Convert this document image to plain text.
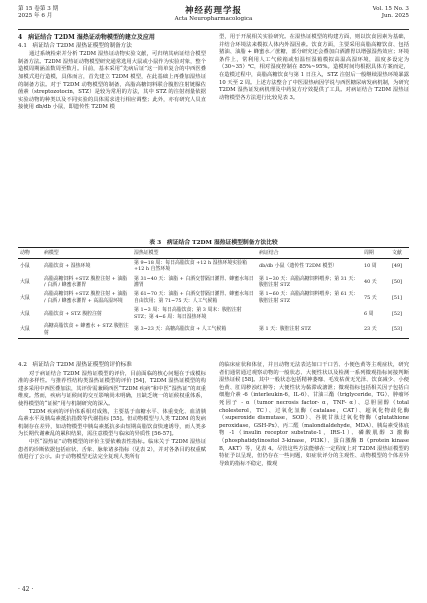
第 15 卷第 3 期
2025 年 6 月	神经药理学报
Acta Neuropharmacologica
Vol. 15 No. 3
Jun. 2025
4　病证结合 T2DM 湿热证动物模型的建立及应用
4.1　病证结合 T2DM 湿热证模型的制备方法

通过系统检索并分析 T2DM 湿热证动物实验文献，可归纳其病证结合模型制备方法。T2DM 湿热证动物模型研究通常选用大鼠或小鼠作为实验对象，整个造模周期涵盖数周至数月。目前，基本采用“先病后证”这一简单复合的中西医叠加模式进行造模，具体而言，首先建立 T2DM 模型，在此基础上再叠加湿热证的制备方法。对于 T2DM 动物模型的制备，高脂高糖饲料联合腹腔注射链脲佐菌素（streptozotocin，STZ）是较为常用的方法，其中 STZ 的注射剂量依据实验动物的种类以及不同实验的具体需求进行相应调整；此外，亦有研究人员直接使用 db/db 小鼠，即遗传性 T2DM 模

型，用于开展相关实验研究。在湿热证模型的构建方面，则以饮食因素为基础，并结合环境法来模拟人体内外湿因素。饮食方面，主要采用高脂高糖饮食、包括猪油、油脂 + 蜂蜜水／蔗糖，部分研究还会叠加白酒灌胃以增强湿热效应；环境条件上，常利用人工气候箱或恒温恒湿箱模拟高温高湿环境，温度多设定为（30~35）℃，相对湿度控制在 85%~95%。造模时间均根据具体方案而定，在造模过程中，高脂高糖饮食与第 1 日注入，STZ 注射后一般继续湿热环境暴露 10 天至 2 周。上述方法整合了中医湿热病因学说与西医糖尿病发病机制，为研究 T2DM 湿热证发病机理及中药复方疗效提供了工具。对病证结合 T2DM 湿热证动物模型各方法进行比较见表 3。

表 3　病证结合 T2DM 湿热证模型制备方法比较
动物	病模型	湿热证模型	病证结合	周期	文献
小鼠	高脂饮食 + 湿热环境	第 9~18 周：每日高脂饮食 +12 h 湿热环境实验箱 +12 h 自然环境	db/db 小鼠（遗传性 T2DM 模型）	10 周	[49]
大鼠	高脂高糖饲料 +STZ 腹腔注射 + 油脂 / 白酒 / 蜂蜜水灌胃	第 31~40 天：油脂 + 白酒交替隔日灌胃、蜂蜜水每日灌胃	第 1~30 天：高脂高糖饲料喂养；第 31 天：腹腔注射 STZ	40 天	[50]
大鼠	高脂高糖饲料 +STZ 腹腔注射 + 油脂 / 白酒 / 蜂蜜水灌胃 + 高温高湿环境	第 61~70 天：油脂 + 白酒交替隔日灌胃、蜂蜜水每日自由饮用；第 71~75 天：人工气候箱	第 1~60 天：高脂高糖饲料喂养；第 61 天：腹腔注射 STZ	75 天	[51]
大鼠	高脂饮食 + STZ 腹腔注射	第 1~3 周：每日高脂饮食；第 3 周末：腹腔注射 STZ；第 4~6 周：每日湿热环境		6 周	[52]
大鼠	高糖高脂饮食 + 蜂蜜水 + STZ 腹腔注射	第 3~23 天：高糖高脂饮食 + 人工气候箱	第 1 天：腹腔注射 STZ	23 天	[53]
4.2　病证结合 T2DM 湿热证模型的评价标准

对于病证结合 T2DM 湿热证模型的评价，目前面临的核心问题在于成模标准的多样性。与推荐性结构类湿热证模型的评价 [54]，T2DM 湿热证模型的构建多采用中西医叠加法，其评价需兼顾西医“T2DM 疾病”和中医“湿热证”的双重维度。然而，疾病与证候间的交互影响尚未明确，且缺乏统一的证候权重体系，使得模型的“证候”用与机制研究的深入。

T2DM 疾病的评价体系相对成熟，主要基于血糖水平、体重变化、血清胰岛素水平及胰岛素抵抗指数等代谢指标 [55]。但动物模型与人类 T2DM 的发病机制存在差异，如动物模型中胰岛素抵抗多由短期高脂饮食快速诱导，而人类多为长期代谢紊乱的累积结果，需注意模型与临床的异质性 [56-57]。

中医“湿热证”动物模型的评价主要依赖表性指标。临床关于 T2DM 湿热证患者的诊断依据包括症状、舌象、脉象诸多指标（见表 2），并对各条目的权重赋值进行了公示。由于动物模型无法完全复现人类所有

的临床症状和体征，并且动物无法表达如口干口苦、小便色黄等主观症状，研究者们通常通过观察动物的一般状态、大便性状以及检测一系列微观指标间接判断湿热证候 [58]。其中一般状态包括精神萎靡、毛发枯黄无光泽、饮食减少、小便色黄、肛周秽浊红肿等；大便性状为黏滞或溏泄；微观指标包括相关因子包括白细胞介素 -6（interleukin-6，IL-6）、甘油三酯（triglyceride，TG）、肿瘤坏死因子 - α（tumor necrosis factor- α，TNF- α）、总胆固醇（total cholesterol，TC）、过氧化氢酶（catalase，CAT）、超氧化物歧化酶（superoxide dismutase，SOD）、谷胱甘肽过氧化物酶（glutathione peroxidase，GSH-Px）、丙二醛（malondialdehyde，MDA）、胰岛素受体底物 -1（insulin receptor substrate-1，IRS-1）、磷酸肌醇 3 激酶（phosphatidylinositol 3-kinase，PI3K）、蛋白激酶 B（protein kinase B，AKT）等，见表 4。尽管这些方法能够在一定程度上对 T2DM 湿热证模型的特征予以呈现，但仍存在一些问题，如症状评分的主观性、动物模型的个体差异导致的指标不稳定，微观

· 42 ·
